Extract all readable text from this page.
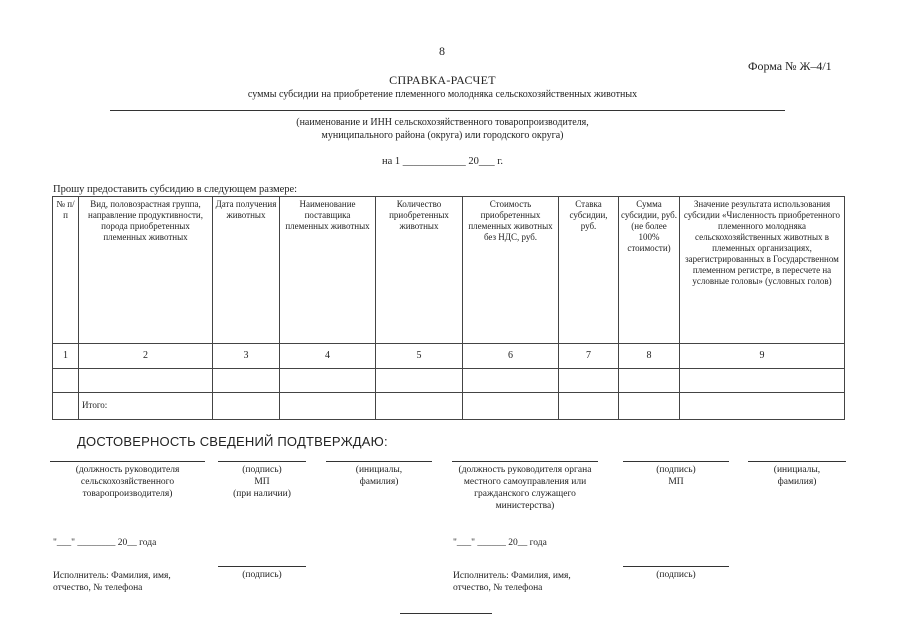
8
Форма № Ж–4/1
СПРАВКА-РАСЧЕТ
суммы субсидии на приобретение племенного молодняка сельскохозяйственных животных
(наименование и ИНН сельскохозяйственного товаропроизводителя,
муниципального района (округа) или городского округа)
на 1 ____________ 20___ г.
Прошу предоставить субсидию в следующем размере:
№ п/п	Вид, половозрастная группа, направление продуктивности, порода приобретенных племенных животных	Дата получения животных	Наименование поставщика племенных животных	Количество приобретенных животных	Стоимость приобретенных племенных животных без НДС, руб.	Ставка субсидии, руб.	Сумма субсидии, руб. (не более 100% стоимости)	Значение результата использования субсидии «Численность приобретенного племенного молодняка сельскохозяйственных животных в племенных организациях, зарегистрированных в Государственном племенном регистре, в пересчете на условные головы» (условных голов)
1	2	3	4	5	6	7	8	9

	Итого:							
ДОСТОВЕРНОСТЬ СВЕДЕНИЙ ПОДТВЕРЖДАЮ:
(должность руководителя сельскохозяйственного товаропроизводителя)
(подпись)
МП
(при наличии)
(инициалы, фамилия)
"___" ________ 20__ года
Исполнитель: Фамилия, имя, отчество, № телефона
(подпись)
(должность руководителя органа местного самоуправления или гражданского служащего министерства)
(подпись)
МП
(инициалы, фамилия)
"___" ______ 20__ года
Исполнитель: Фамилия, имя, отчество, № телефона
(подпись)
